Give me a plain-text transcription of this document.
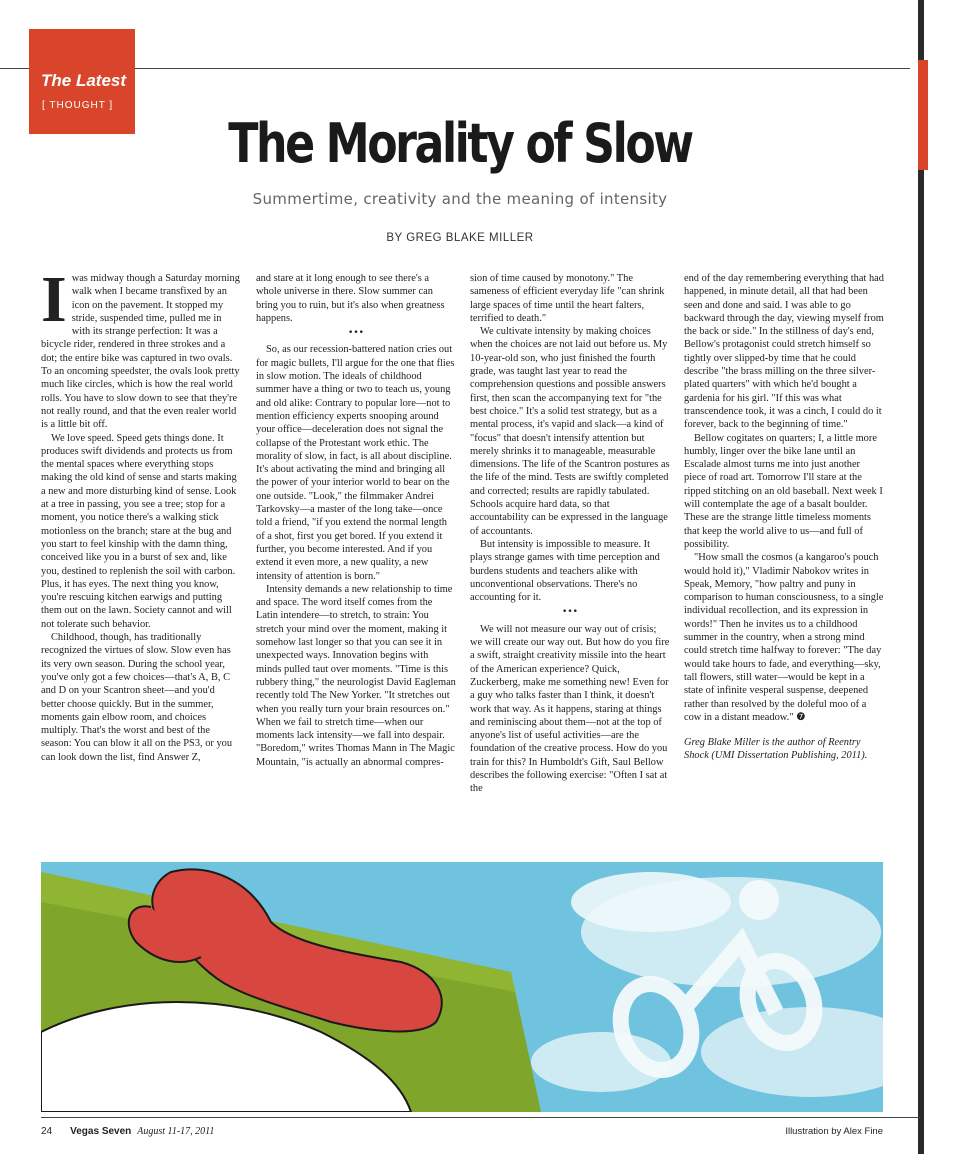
The Latest
[ THOUGHT ]
The Morality of Slow
Summertime, creativity and the meaning of intensity
BY GREG BLAKE MILLER

Iwas midway though a Saturday morning walk when I became transfixed by an icon on the pavement. It stopped my stride, suspended time, pulled me in with its strange perfection: It was a bicycle rider, rendered in three strokes and a dot; the entire bike was captured in two ovals. To an oncoming speedster, the ovals look pretty much like circles, which is how the real world rolls. You have to slow down to see that they're not really round, and that the even realer world is a little bit off.

We love speed. Speed gets things done. It produces swift dividends and protects us from the mental spaces where everything stops making the old kind of sense and starts making a new and more disturbing kind of sense. Look at a tree in passing, you see a tree; stop for a moment, you notice there's a walking stick motionless on the branch; stare at the bug and you start to feel kinship with the damn thing, conceived like you in a burst of sex and, like you, destined to replenish the soil with carbon. Plus, it has eyes. The next thing you know, you're rescuing kitchen earwigs and putting them out on the lawn. Society cannot and will not tolerate such behavior.

Childhood, though, has traditionally recognized the virtues of slow. Slow even has its very own season. During the school year, you've only got a few choices—that's A, B, C and D on your Scantron sheet—and you'd better choose quickly. But in the summer, moments gain elbow room, and choices multiply. That's the worst and best of the season: You can blow it all on the PS3, or you can look down the list, find Answer Z,

and stare at it long enough to see there's a whole universe in there. Slow summer can bring you to ruin, but it's also when greatness happens.

•••

So, as our recession-battered nation cries out for magic bullets, I'll argue for the one that flies in slow motion. The ideals of childhood summer have a thing or two to teach us, young and old alike: Contrary to popular lore—not to mention efficiency experts snooping around your office—deceleration does not signal the collapse of the Protestant work ethic. The morality of slow, in fact, is all about discipline. It's about activating the mind and bringing all the power of your interior world to bear on the one outside. "Look," the filmmaker Andrei Tarkovsky—a master of the long take—once told a friend, "if you extend the normal length of a shot, first you get bored. If you extend it further, you become interested. And if you extend it even more, a new quality, a new intensity of attention is born."

Intensity demands a new relationship to time and space. The word itself comes from the Latin intendere—to stretch, to strain: You stretch your mind over the moment, making it somehow last longer so that you can see it in unexpected ways. Innovation begins with minds pulled taut over moments. "Time is this rubbery thing," the neurologist David Eagleman recently told The New Yorker. "It stretches out when you really turn your brain resources on." When we fail to stretch time—when our moments lack intensity—we fall into despair. "Boredom," writes Thomas Mann in The Magic Mountain, "is actually an abnormal compres-

sion of time caused by monotony." The sameness of efficient everyday life "can shrink large spaces of time until the heart falters, terrified to death."

We cultivate intensity by making choices when the choices are not laid out before us. My 10-year-old son, who just finished the fourth grade, was taught last year to read the comprehension questions and possible answers first, then scan the accompanying text for "the best choice." It's a solid test strategy, but as a mental process, it's vapid and slack—a kind of "focus" that doesn't intensify attention but merely shrinks it to manageable, measurable dimensions. The life of the Scantron postures as the life of the mind. Tests are swiftly completed and corrected; results are rapidly tabulated. Schools acquire hard data, so that accountability can be expressed in the language of accountants.

But intensity is impossible to measure. It plays strange games with time perception and burdens students and teachers alike with unconventional observations. There's no accounting for it.

•••

We will not measure our way out of crisis; we will create our way out. But how do you fire a swift, straight creativity missile into the heart of the American experience? Quick, Zuckerberg, make me something new! Even for a guy who talks faster than I think, it doesn't work that way. As it happens, staring at things and reminiscing about them—not at the top of anyone's list of useful activities—are the foundation of the creative process. How do you train for this? In Humboldt's Gift, Saul Bellow describes the following exercise: "Often I sat at the

end of the day remembering everything that had happened, in minute detail, all that had been seen and done and said. I was able to go backward through the day, viewing myself from the back or side." In the stillness of day's end, Bellow's protagonist could stretch himself so tightly over slipped-by time that he could describe "the brass milling on the three silver-plated quarters" with which he'd bought a gardenia for his girl. "If this was what transcendence took, it was a cinch, I could do it forever, back to the beginning of time."

Bellow cogitates on quarters; I, a little more humbly, linger over the bike lane until an Escalade almost turns me into just another piece of road art. Tomorrow I'll stare at the ripped stitching on an old baseball. Next week I will contemplate the age of a basalt boulder. These are the strange little timeless moments that keep the world alive to us—and full of possibility.

"How small the cosmos (a kangaroo's pouch would hold it)," Vladimir Nabokov writes in Speak, Memory, "how paltry and puny in comparison to human consciousness, to a single individual recollection, and its expression in words!" Then he invites us to a childhood summer in the country, when a strong mind could stretch time halfway to forever: "The day would take hours to fade, and everything—sky, tall flowers, still water—would be kept in a state of infinite vesperal suspense, deepened rather than resolved by the doleful moo of a cow in a distant meadow." ❼

Greg Blake Miller is the author of Reentry Shock (UMI Dissertation Publishing, 2011).

24 Vegas Seven August 11-17, 2011	Illustration by Alex Fine
